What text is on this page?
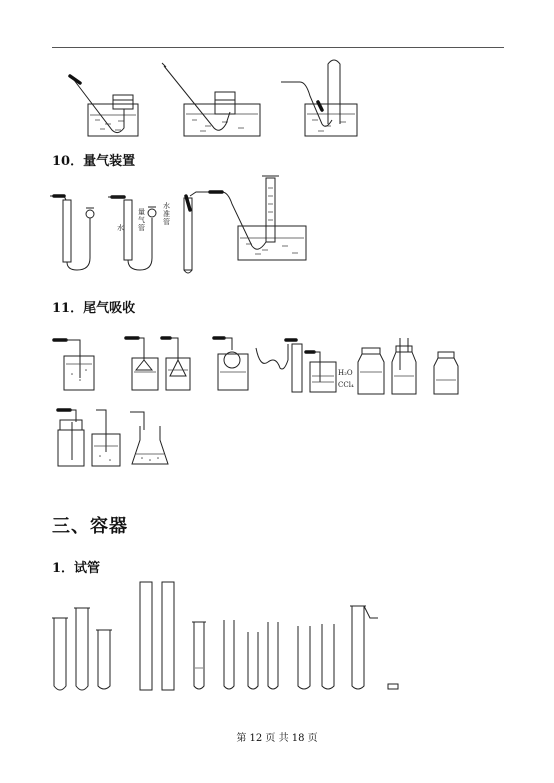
10．量气装置
11．尾气吸收
三、容器
1．试管
第 12 页 共 18 页
水
量气管
水准管
H₂O
CCl₄
